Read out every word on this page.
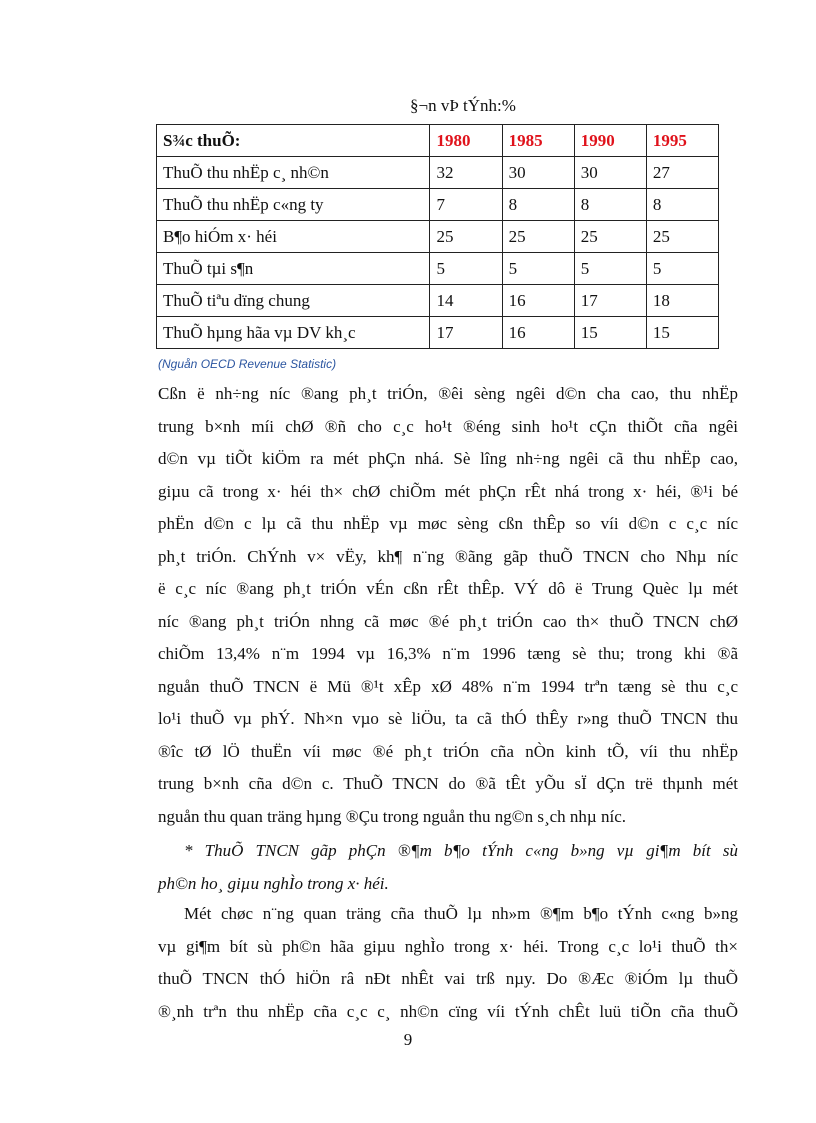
§¬n vÞ tÝnh:%
S¾c thuÕ:	1980	1985	1990	1995
ThuÕ thu nhËp c¸ nh©n	32	30	30	27
ThuÕ thu nhËp c«ng ty	7	8	8	8
B¶o hiÓm x· héi	25	25	25	25
ThuÕ tµi s¶n	5	5	5	5
ThuÕ tiªu dïng chung	14	16	17	18
ThuÕ hµng hãa vµ DV kh¸c	17	16	15	15
(Nguån OECD Revenue Statistic)
Cßn ë nh÷ng níc ®ang ph¸t triÓn, ®êi sèng ngêi d©n cha cao, thu nhËp
trung b×nh míi chØ ®ñ cho c¸c ho¹t ®éng sinh ho¹t cÇn thiÕt cña ngêi
d©n vµ tiÕt kiÖm ra mét phÇn nhá. Sè lîng nh÷ng ngêi cã thu nhËp cao,
giµu cã trong x· héi th× chØ chiÕm mét phÇn rÊt nhá trong x· héi, ®¹i bé
phËn d©n c lµ cã thu nhËp vµ møc sèng cßn thÊp so víi d©n c c¸c níc
ph¸t triÓn. ChÝnh v× vËy, kh¶ n¨ng ®ãng gãp thuÕ TNCN cho Nhµ níc
ë c¸c níc ®ang ph¸t triÓn vÉn cßn rÊt thÊp. VÝ dô ë Trung Quèc lµ mét
níc ®ang ph¸t triÓn nhng cã møc ®é ph¸t triÓn cao th× thuÕ TNCN chØ
chiÕm 13,4% n¨m 1994 vµ 16,3% n¨m 1996 tæng sè thu; trong khi ®ã
nguån thuÕ TNCN ë Mü ®¹t xÊp xØ 48% n¨m 1994 trªn tæng sè thu c¸c
lo¹i thuÕ vµ phÝ. Nh×n vµo sè liÖu, ta cã thÓ thÊy r»ng thuÕ TNCN thu
®îc tØ lÖ thuËn víi møc ®é ph¸t triÓn cña nÒn kinh tÕ, víi thu nhËp
trung b×nh cña d©n c. ThuÕ TNCN do ®ã tÊt yÕu sÏ dÇn trë thµnh mét
nguån thu quan träng hµng ®Çu trong nguån thu ng©n s¸ch nhµ níc.
* ThuÕ TNCN gãp phÇn ®¶m b¶o tÝnh c«ng b»ng vµ gi¶m bít sù
ph©n ho¸ giµu nghÌo trong x· héi.
Mét chøc n¨ng quan träng cña thuÕ lµ nh»m ®¶m b¶o tÝnh c«ng b»ng
vµ gi¶m bít sù ph©n hãa giµu nghÌo trong x· héi. Trong c¸c lo¹i thuÕ th×
thuÕ TNCN thÓ hiÖn râ nÐt nhÊt vai trß nµy. Do ®Æc ®iÓm lµ thuÕ
®¸nh trªn thu nhËp cña c¸c c¸ nh©n cïng víi tÝnh chÊt luü tiÕn cña thuÕ
9
